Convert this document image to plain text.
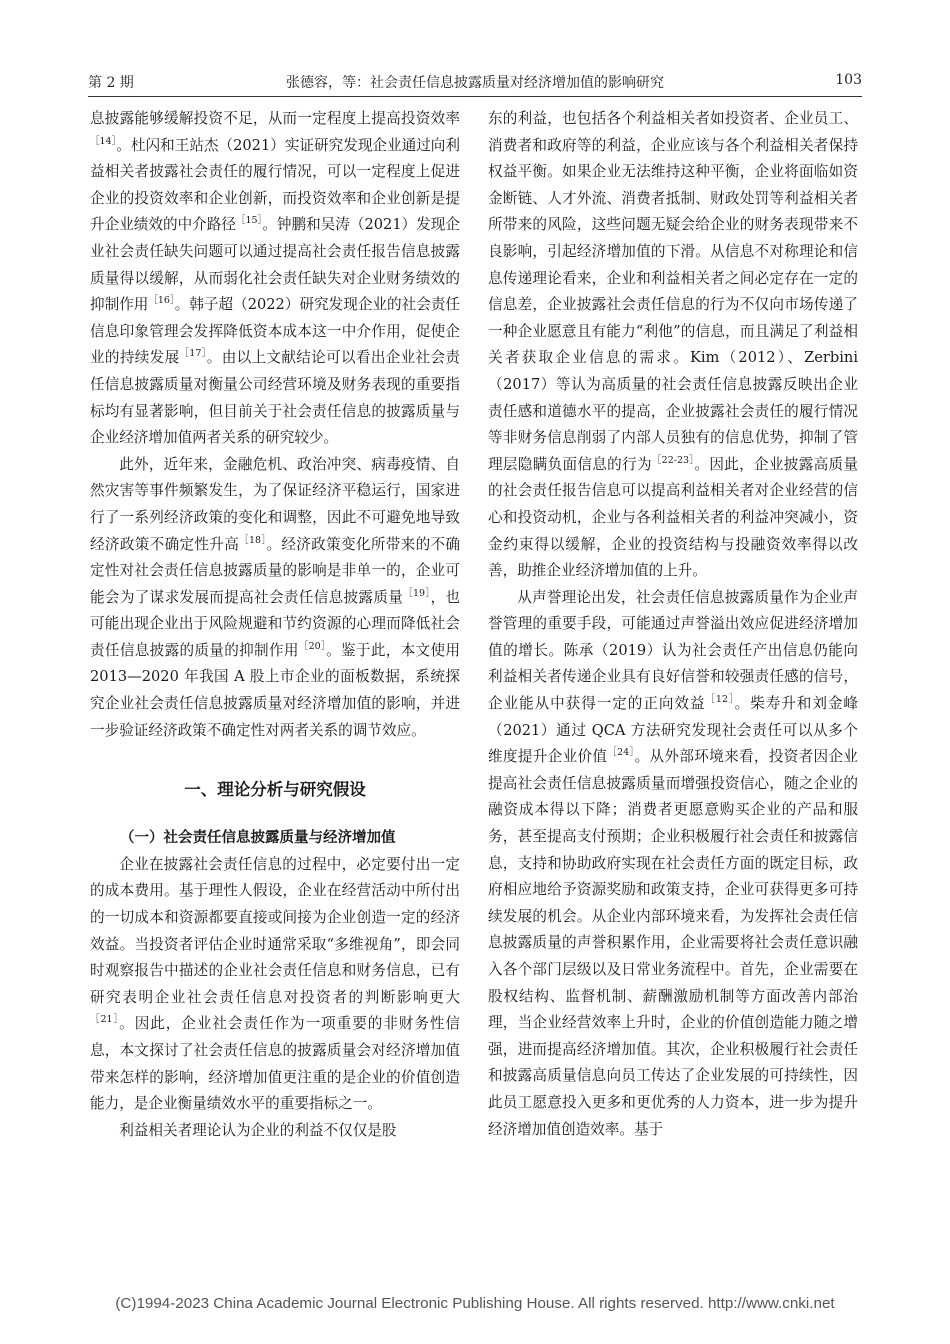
第 2 期	张德容，等：社会责任信息披露质量对经济增加值的影响研究	103

息披露能够缓解投资不足，从而一定程度上提高投资效率$^{[14]}$。杜闪和王站杰（2021）实证研究发现企业通过向利益相关者披露社会责任的履行情况，可以一定程度上促进企业的投资效率和企业创新，而投资效率和企业创新是提升企业绩效的中介路径$^{[15]}$。钟鹏和吴涛（2021）发现企业社会责任缺失问题可以通过提高社会责任报告信息披露质量得以缓解，从而弱化社会责任缺失对企业财务绩效的抑制作用$^{[16]}$。韩子超（2022）研究发现企业的社会责任信息印象管理会发挥降低资本成本这一中介作用，促使企业的持续发展$^{[17]}$。由以上文献结论可以看出企业社会责任信息披露质量对衡量公司经营环境及财务表现的重要指标均有显著影响，但目前关于社会责任信息的披露质量与企业经济增加值两者关系的研究较少。

此外，近年来，金融危机、政治冲突、病毒疫情、自然灾害等事件频繁发生，为了保证经济平稳运行，国家进行了一系列经济政策的变化和调整，因此不可避免地导致经济政策不确定性升高$^{[18]}$。经济政策变化所带来的不确定性对社会责任信息披露质量的影响是非单一的，企业可能会为了谋求发展而提高社会责任信息披露质量$^{[19]}$，也可能出现企业出于风险规避和节约资源的心理而降低社会责任信息披露的质量的抑制作用$^{[20]}$。鉴于此，本文使用2013—2020 年我国 A 股上市企业的面板数据，系统探究企业社会责任信息披露质量对经济增加值的影响，并进一步验证经济政策不确定性对两者关系的调节效应。

一、理论分析与研究假设
（一）社会责任信息披露质量与经济增加值

企业在披露社会责任信息的过程中，必定要付出一定的成本费用。基于理性人假设，企业在经营活动中所付出的一切成本和资源都要直接或间接为企业创造一定的经济效益。当投资者评估企业时通常采取“多维视角”，即会同时观察报告中描述的企业社会责任信息和财务信息，已有研究表明企业社会责任信息对投资者的判断影响更大$^{[21]}$。因此，企业社会责任作为一项重要的非财务性信息，本文探讨了社会责任信息的披露质量会对经济增加值带来怎样的影响，经济增加值更注重的是企业的价值创造能力，是企业衡量绩效水平的重要指标之一。

利益相关者理论认为企业的利益不仅仅是股

东的利益，也包括各个利益相关者如投资者、企业员工、消费者和政府等的利益，企业应该与各个利益相关者保持权益平衡。如果企业无法维持这种平衡，企业将面临如资金断链、人才外流、消费者抵制、财政处罚等利益相关者所带来的风险，这些问题无疑会给企业的财务表现带来不良影响，引起经济增加值的下滑。从信息不对称理论和信息传递理论看来，企业和利益相关者之间必定存在一定的信息差，企业披露社会责任信息的行为不仅向市场传递了一种企业愿意且有能力“利他”的信息，而且满足了利益相关者获取企业信息的需求。Kim（2012）、Zerbini（2017）等认为高质量的社会责任信息披露反映出企业责任感和道德水平的提高，企业披露社会责任的履行情况等非财务信息削弱了内部人员独有的信息优势，抑制了管理层隐瞒负面信息的行为$^{[22-23]}$。因此，企业披露高质量的社会责任报告信息可以提高利益相关者对企业经营的信心和投资动机，企业与各利益相关者的利益冲突减小，资金约束得以缓解，企业的投资结构与投融资效率得以改善，助推企业经济增加值的上升。

从声誉理论出发，社会责任信息披露质量作为企业声誉管理的重要手段，可能通过声誉溢出效应促进经济增加值的增长。陈承（2019）认为社会责任产出信息仍能向利益相关者传递企业具有良好信誉和较强责任感的信号，企业能从中获得一定的正向效益$^{[12]}$。柴寿升和刘金峰（2021）通过 QCA 方法研究发现社会责任可以从多个维度提升企业价值$^{[24]}$。从外部环境来看，投资者因企业提高社会责任信息披露质量而增强投资信心，随之企业的融资成本得以下降；消费者更愿意购买企业的产品和服务，甚至提高支付预期；企业积极履行社会责任和披露信息，支持和协助政府实现在社会责任方面的既定目标，政府相应地给予资源奖励和政策支持，企业可获得更多可持续发展的机会。从企业内部环境来看，为发挥社会责任信息披露质量的声誉积累作用，企业需要将社会责任意识融入各个部门层级以及日常业务流程中。首先，企业需要在股权结构、监督机制、薪酬激励机制等方面改善内部治理，当企业经营效率上升时，企业的价值创造能力随之增强，进而提高经济增加值。其次，企业积极履行社会责任和披露高质量信息向员工传达了企业发展的可持续性，因此员工愿意投入更多和更优秀的人力资本，进一步为提升经济增加值创造效率。基于

(C)1994-2023 China Academic Journal Electronic Publishing House. All rights reserved. http://www.cnki.net
